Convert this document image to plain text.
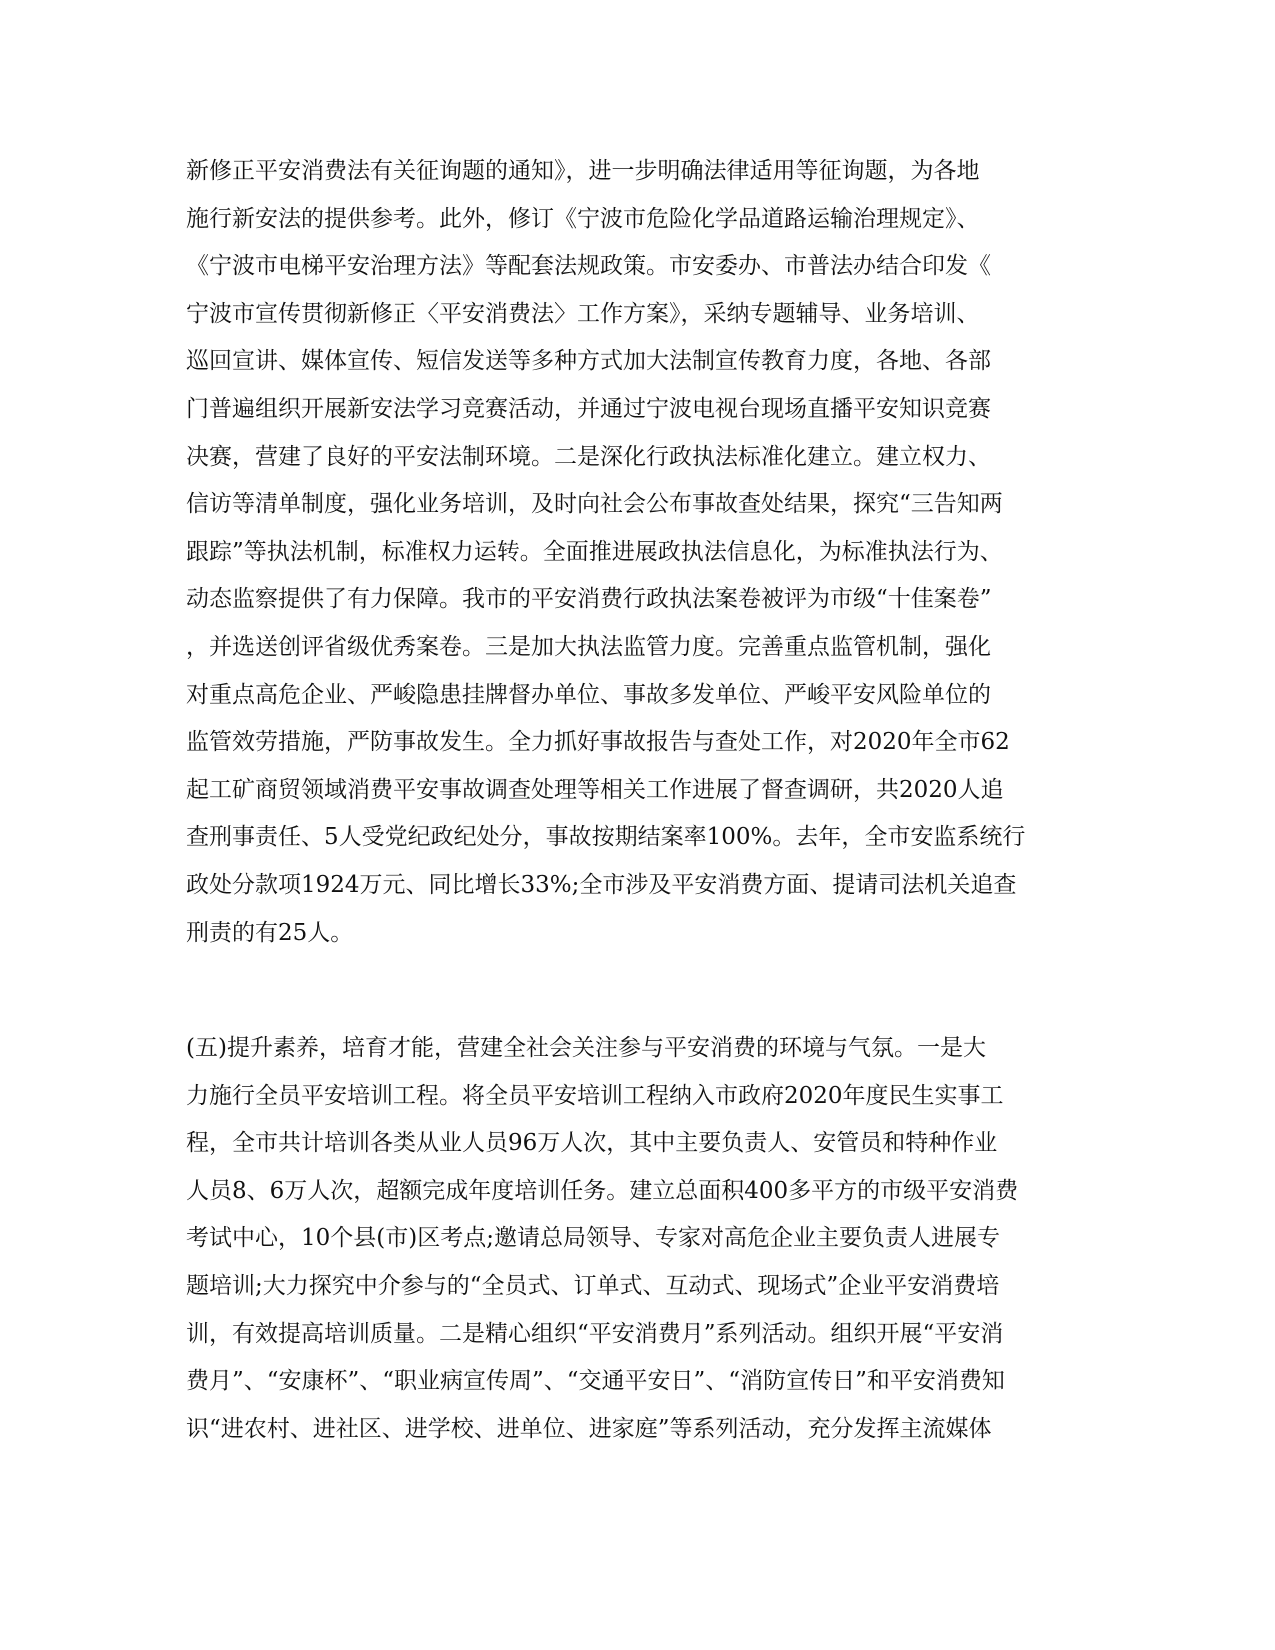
新修正平安消费法有关征询题的通知》，进一步明确法律适用等征询题，为各地
施行新安法的提供参考。此外，修订《宁波市危险化学品道路运输治理规定》、
《宁波市电梯平安治理方法》等配套法规政策。市安委办、市普法办结合印发《
宁波市宣传贯彻新修正〈平安消费法〉工作方案》，采纳专题辅导、业务培训、
巡回宣讲、媒体宣传、短信发送等多种方式加大法制宣传教育力度，各地、各部
门普遍组织开展新安法学习竞赛活动，并通过宁波电视台现场直播平安知识竞赛
决赛，营建了良好的平安法制环境。二是深化行政执法标准化建立。建立权力、
信访等清单制度，强化业务培训，及时向社会公布事故查处结果，探究“三告知两
跟踪”等执法机制，标准权力运转。全面推进展政执法信息化，为标准执法行为、
动态监察提供了有力保障。我市的平安消费行政执法案卷被评为市级“十佳案卷”
，并选送创评省级优秀案卷。三是加大执法监管力度。完善重点监管机制，强化
对重点高危企业、严峻隐患挂牌督办单位、事故多发单位、严峻平安风险单位的
监管效劳措施，严防事故发生。全力抓好事故报告与查处工作，对2020年全市62
起工矿商贸领域消费平安事故调查处理等相关工作进展了督查调研，共2020人追
查刑事责任、5人受党纪政纪处分，事故按期结案率100%。去年，全市安监系统行
政处分款项1924万元、同比增长33%;全市涉及平安消费方面、提请司法机关追查
刑责的有25人。
(五)提升素养，培育才能，营建全社会关注参与平安消费的环境与气氛。一是大
力施行全员平安培训工程。将全员平安培训工程纳入市政府2020年度民生实事工
程，全市共计培训各类从业人员96万人次，其中主要负责人、安管员和特种作业
人员8、6万人次，超额完成年度培训任务。建立总面积400多平方的市级平安消费
考试中心，10个县(市)区考点;邀请总局领导、专家对高危企业主要负责人进展专
题培训;大力探究中介参与的“全员式、订单式、互动式、现场式”企业平安消费培
训，有效提高培训质量。二是精心组织“平安消费月”系列活动。组织开展“平安消
费月”、“安康杯”、“职业病宣传周”、“交通平安日”、“消防宣传日”和平安消费知
识“进农村、进社区、进学校、进单位、进家庭”等系列活动，充分发挥主流媒体
